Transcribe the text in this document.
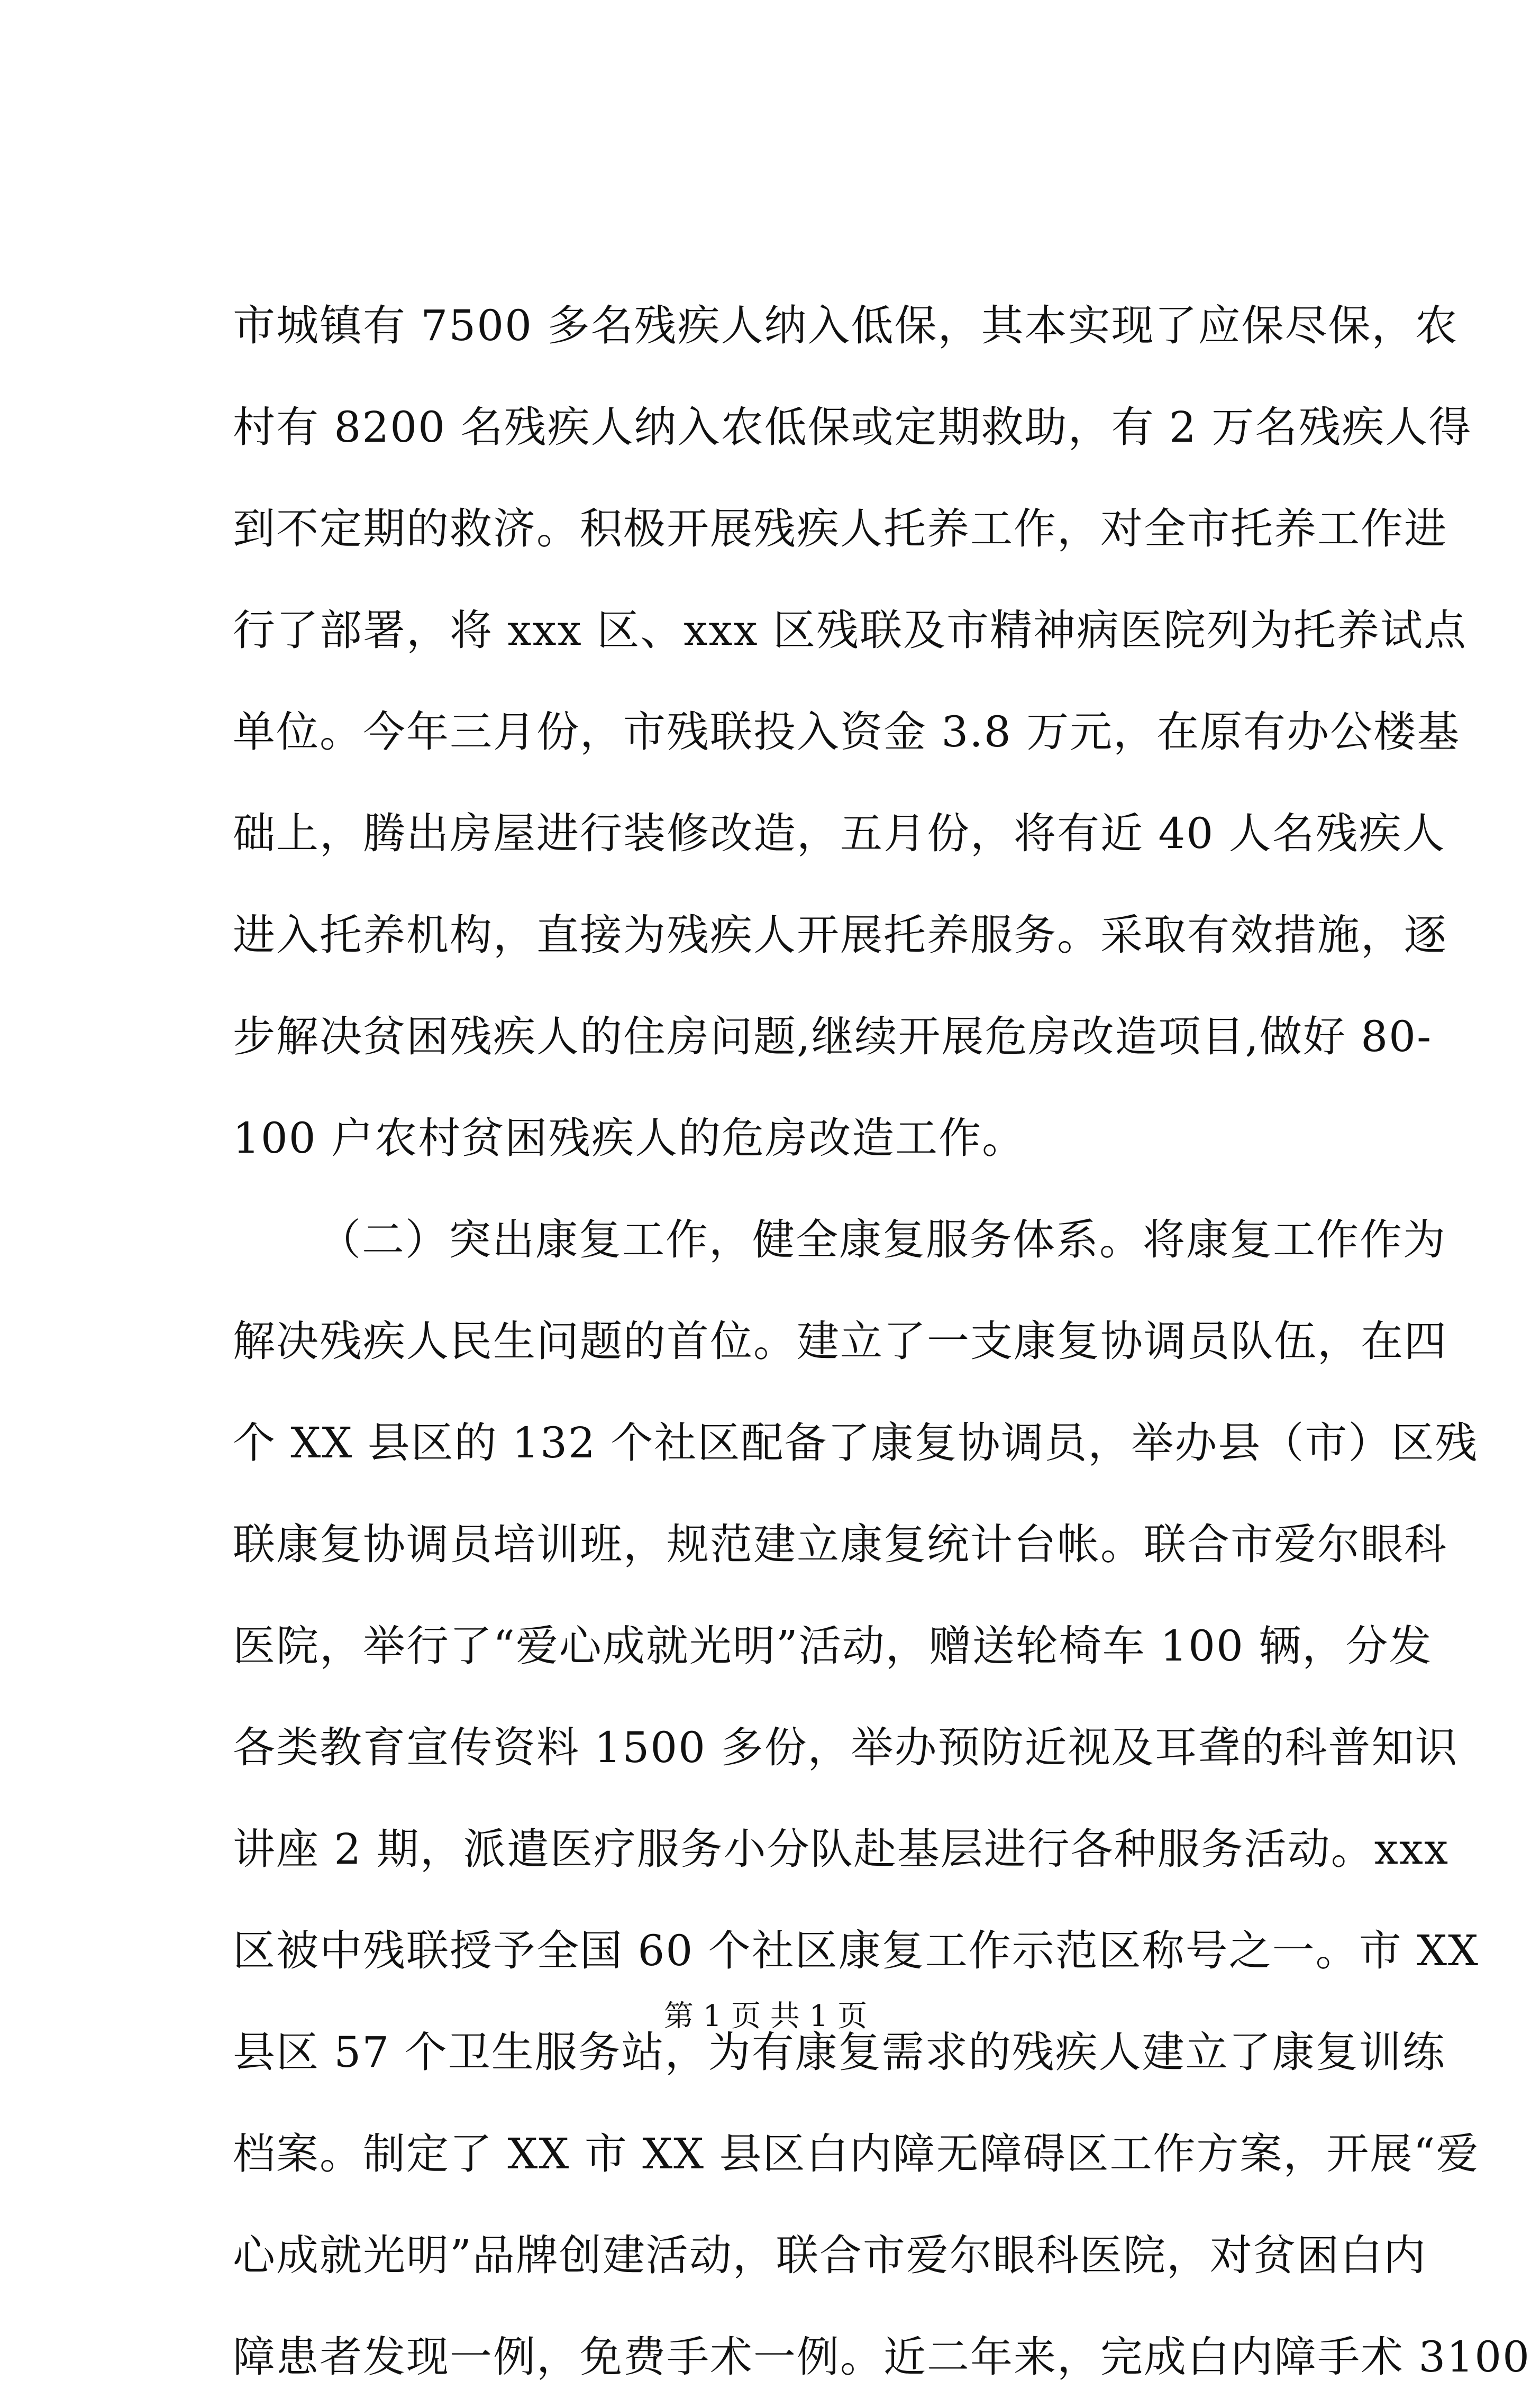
市城镇有 7500 多名残疾人纳入低保，其本实现了应保尽保，农
村有 8200 名残疾人纳入农低保或定期救助，有 2 万名残疾人得
到不定期的救济。积极开展残疾人托养工作，对全市托养工作进
行了部署，将 xxx 区、xxx 区残联及市精神病医院列为托养试点
单位。今年三月份，市残联投入资金 3.8 万元，在原有办公楼基
础上，腾出房屋进行装修改造，五月份，将有近 40 人名残疾人
进入托养机构，直接为残疾人开展托养服务。采取有效措施，逐
步解决贫困残疾人的住房问题,继续开展危房改造项目,做好 80-
100 户农村贫困残疾人的危房改造工作。
（二）突出康复工作，健全康复服务体系。将康复工作作为
解决残疾人民生问题的首位。建立了一支康复协调员队伍，在四
个 XX 县区的 132 个社区配备了康复协调员，举办县（市）区残
联康复协调员培训班，规范建立康复统计台帐。联合市爱尔眼科
医院，举行了“爱心成就光明”活动，赠送轮椅车 100 辆，分发
各类教育宣传资料 1500 多份，举办预防近视及耳聋的科普知识
讲座 2 期，派遣医疗服务小分队赴基层进行各种服务活动。xxx
区被中残联授予全国 60 个社区康复工作示范区称号之一。市 XX
县区 57 个卫生服务站，为有康复需求的残疾人建立了康复训练
档案。制定了 XX 市 XX 县区白内障无障碍区工作方案，开展“爱
心成就光明”品牌创建活动，联合市爱尔眼科医院，对贫困白内
障患者发现一例，免费手术一例。近二年来，完成白内障手术 3100
第 1 页 共 1 页
